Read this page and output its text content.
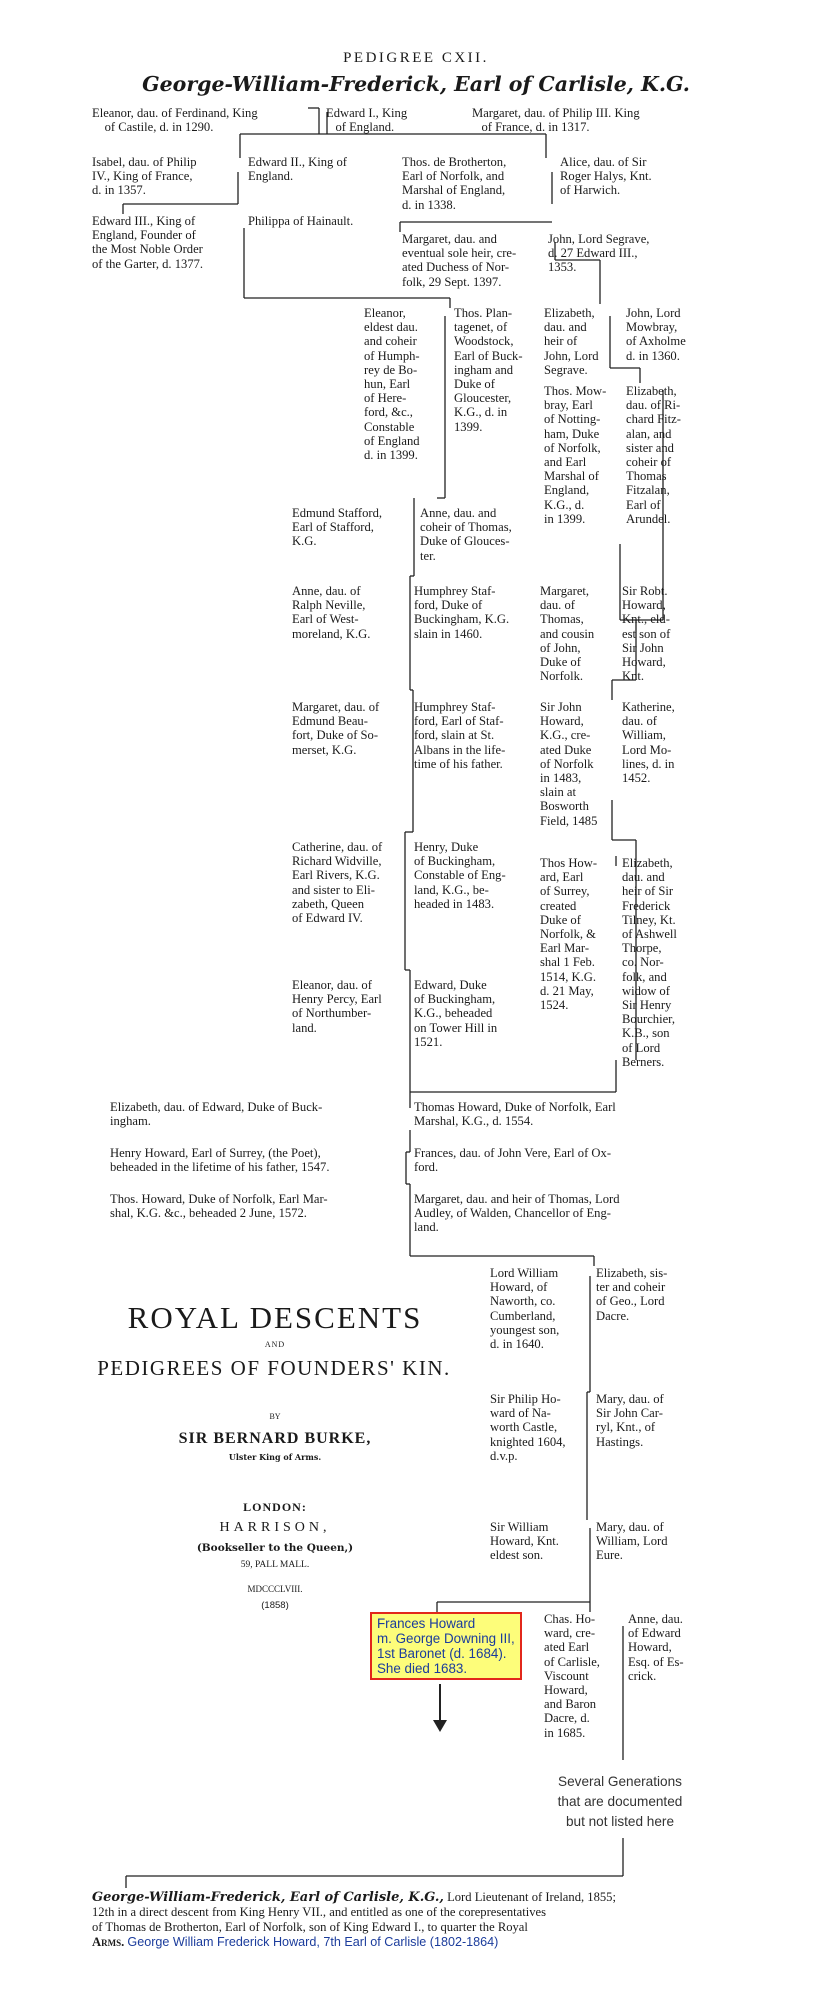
PEDIGREE CXII.
George-William-Frederick, Earl of Carlisle, K.G.
Eleanor, dau. of Ferdinand, King
of Castile, d. in 1290.
Edward I., King
of England.
Margaret, dau. of Philip III. King
of France, d. in 1317.
Isabel, dau. of Philip
IV., King of France,
d. in 1357.
Edward II., King of
England.
Thos. de Brotherton,
Earl of Norfolk, and
Marshal of England,
d. in 1338.
Alice, dau. of Sir
Roger Halys, Knt.
of Harwich.
Edward III., King of
England, Founder of
the Most Noble Order
of the Garter, d. 1377.
Philippa of Hainault.
Margaret, dau. and
eventual sole heir, cre-
ated Duchess of Nor-
folk, 29 Sept. 1397.
John, Lord Segrave,
d. 27 Edward III.,
1353.
Eleanor,
eldest dau.
and coheir
of Humph-
rey de Bo-
hun, Earl
of Here-
ford, &c.,
Constable
of England
d. in 1399.
Thos. Plan-
tagenet, of
Woodstock,
Earl of Buck-
ingham and
Duke of
Gloucester,
K.G., d. in
1399.
Elizabeth,
dau. and
heir of
John, Lord
Segrave.
John, Lord
Mowbray,
of Axholme
d. in 1360.
Thos. Mow-
bray, Earl
of Notting-
ham, Duke
of Norfolk,
and Earl
Marshal of
England,
K.G., d.
in 1399.
Elizabeth,
dau. of Ri-
chard Fitz-
alan, and
sister and
coheir of
Thomas
Fitzalan,
Earl of
Arundel.
Edmund Stafford,
Earl of Stafford,
K.G.
Anne, dau. and
coheir of Thomas,
Duke of Glouces-
ter.
Anne, dau. of
Ralph Neville,
Earl of West-
moreland, K.G.
Humphrey Staf-
ford, Duke of
Buckingham, K.G.
slain in 1460.
Margaret,
dau. of
Thomas,
and cousin
of John,
Duke of
Norfolk.
Sir Robt.
Howard,
Knt., eld-
est son of
Sir John
Howard,
Knt.
Margaret, dau. of
Edmund Beau-
fort, Duke of So-
merset, K.G.
Humphrey Staf-
ford, Earl of Staf-
ford, slain at St.
Albans in the life-
time of his father.
Sir John
Howard,
K.G., cre-
ated Duke
of Norfolk
in 1483,
slain at
Bosworth
Field, 1485
Katherine,
dau. of
William,
Lord Mo-
lines, d. in
1452.
Catherine, dau. of
Richard Widville,
Earl Rivers, K.G.
and sister to Eli-
zabeth, Queen
of Edward IV.
Henry, Duke
of Buckingham,
Constable of Eng-
land, K.G., be-
headed in 1483.
Thos How-
ard, Earl
of Surrey,
created
Duke of
Norfolk, &
Earl Mar-
shal 1 Feb.
1514, K.G.
d. 21 May,
1524.
Elizabeth,
dau. and
heir of Sir
Frederick
Tilney, Kt.
of Ashwell
Thorpe,
co. Nor-
folk, and
widow of
Sir Henry
Bourchier,
K.B., son
of Lord
Berners.
Eleanor, dau. of
Henry Percy, Earl
of Northumber-
land.
Edward, Duke
of Buckingham,
K.G., beheaded
on Tower Hill in
1521.
Elizabeth, dau. of Edward, Duke of Buck-
ingham.
Thomas Howard, Duke of Norfolk, Earl
Marshal, K.G., d. 1554.
Henry Howard, Earl of Surrey, (the Poet),
beheaded in the lifetime of his father, 1547.
Frances, dau. of John Vere, Earl of Ox-
ford.
Thos. Howard, Duke of Norfolk, Earl Mar-
shal, K.G. &c., beheaded 2 June, 1572.
Margaret, dau. and heir of Thomas, Lord
Audley, of Walden, Chancellor of Eng-
land.
Lord William
Howard, of
Naworth, co.
Cumberland,
youngest son,
d. in 1640.
Elizabeth, sis-
ter and coheir
of Geo., Lord
Dacre.
Sir Philip Ho-
ward of Na-
worth Castle,
knighted 1604,
d.v.p.
Mary, dau. of
Sir John Car-
ryl, Knt., of
Hastings.
Sir William
Howard, Knt.
eldest son.
Mary, dau. of
William, Lord
Eure.
Chas. Ho-
ward, cre-
ated Earl
of Carlisle,
Viscount
Howard,
and Baron
Dacre, d.
in 1685.
Anne, dau.
of Edward
Howard,
Esq. of Es-
crick.
ROYAL DESCENTS
AND
PEDIGREES OF FOUNDERS' KIN.
BY
SIR BERNARD BURKE,
Ulster King of Arms.
LONDON:
HARRISON,
(Bookseller to the Queen,)
59, PALL MALL.
MDCCCLVIII.
(1858)
Frances Howard
m. George Downing III,
1st Baronet (d. 1684).
She died 1683.
Several Generations
that are documented
but not listed here
George-William-Frederick, Earl of Carlisle, K.G., Lord Lieutenant of Ireland, 1855;
12th in a direct descent from King Henry VII., and entitled as one of the corepresentatives
of Thomas de Brotherton, Earl of Norfolk, son of King Edward I., to quarter the Royal
Arms. George William Frederick Howard, 7th Earl of Carlisle (1802-1864)
